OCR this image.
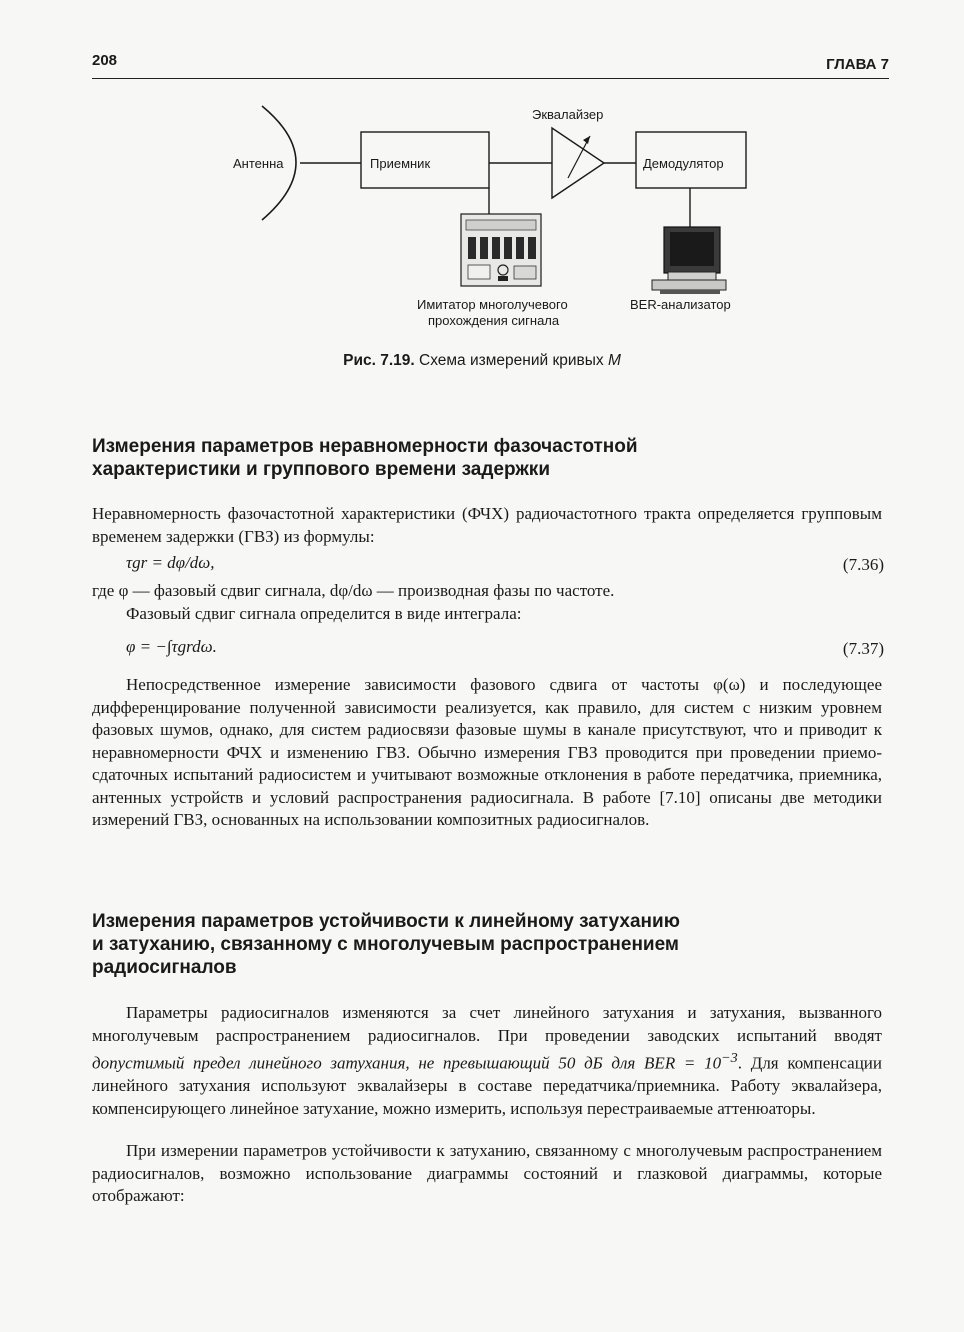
208	ГЛАВА 7
Антенна	Приемник
Эквалайзер
Демодулятор
Имитатор многолучевого
прохождения сигнала
BER-анализатор
Рис. 7.19. Схема измерений кривых M
Измерения параметров неравномерности фазочастотной
характеристики и группового времени задержки

Неравномерность фазочастотной характеристики (ФЧХ) радиочастотного тракта определяется групповым временем задержки (ГВЗ) из формулы:

τgr = dφ/dω,	(7.36)

где φ — фазовый сдвиг сигнала, dφ/dω — производная фазы по частоте.

Фазовый сдвиг сигнала определится в виде интеграла:

φ = −∫τgrdω.	(7.37)

Непосредственное измерение зависимости фазового сдвига от частоты φ(ω) и последующее дифференцирование полученной зависимости реализуется, как правило, для систем с низким уровнем фазовых шумов, однако, для систем радиосвязи фазовые шумы в канале присутствуют, что и приводит к неравномерности ФЧХ и изменению ГВЗ. Обычно измерения ГВЗ проводится при проведении приемо-сдаточных испытаний радиосистем и учитывают возможные отклонения в работе передатчика, приемника, антенных устройств и условий распространения радиосигнала. В работе [7.10] описаны две методики измерений ГВЗ, основанных на использовании композитных радиосигналов.

Измерения параметров устойчивости к линейному затуханию
и затуханию, связанному с многолучевым распространением
радиосигналов

Параметры радиосигналов изменяются за счет линейного затухания и затухания, вызванного многолучевым распространением радиосигналов. При проведении заводских испытаний вводят допустимый предел линейного затухания, не превышающий 50 дБ для BER = $10^{-3}$. Для компенсации линейного затухания используют эквалайзеры в составе передатчика/приемника. Работу эквалайзера, компенсирующего линейное затухание, можно измерить, используя перестраиваемые аттенюаторы.

При измерении параметров устойчивости к затуханию, связанному с многолучевым распространением радиосигналов, возможно использование диаграммы состояний и глазковой диаграммы, которые отображают:
